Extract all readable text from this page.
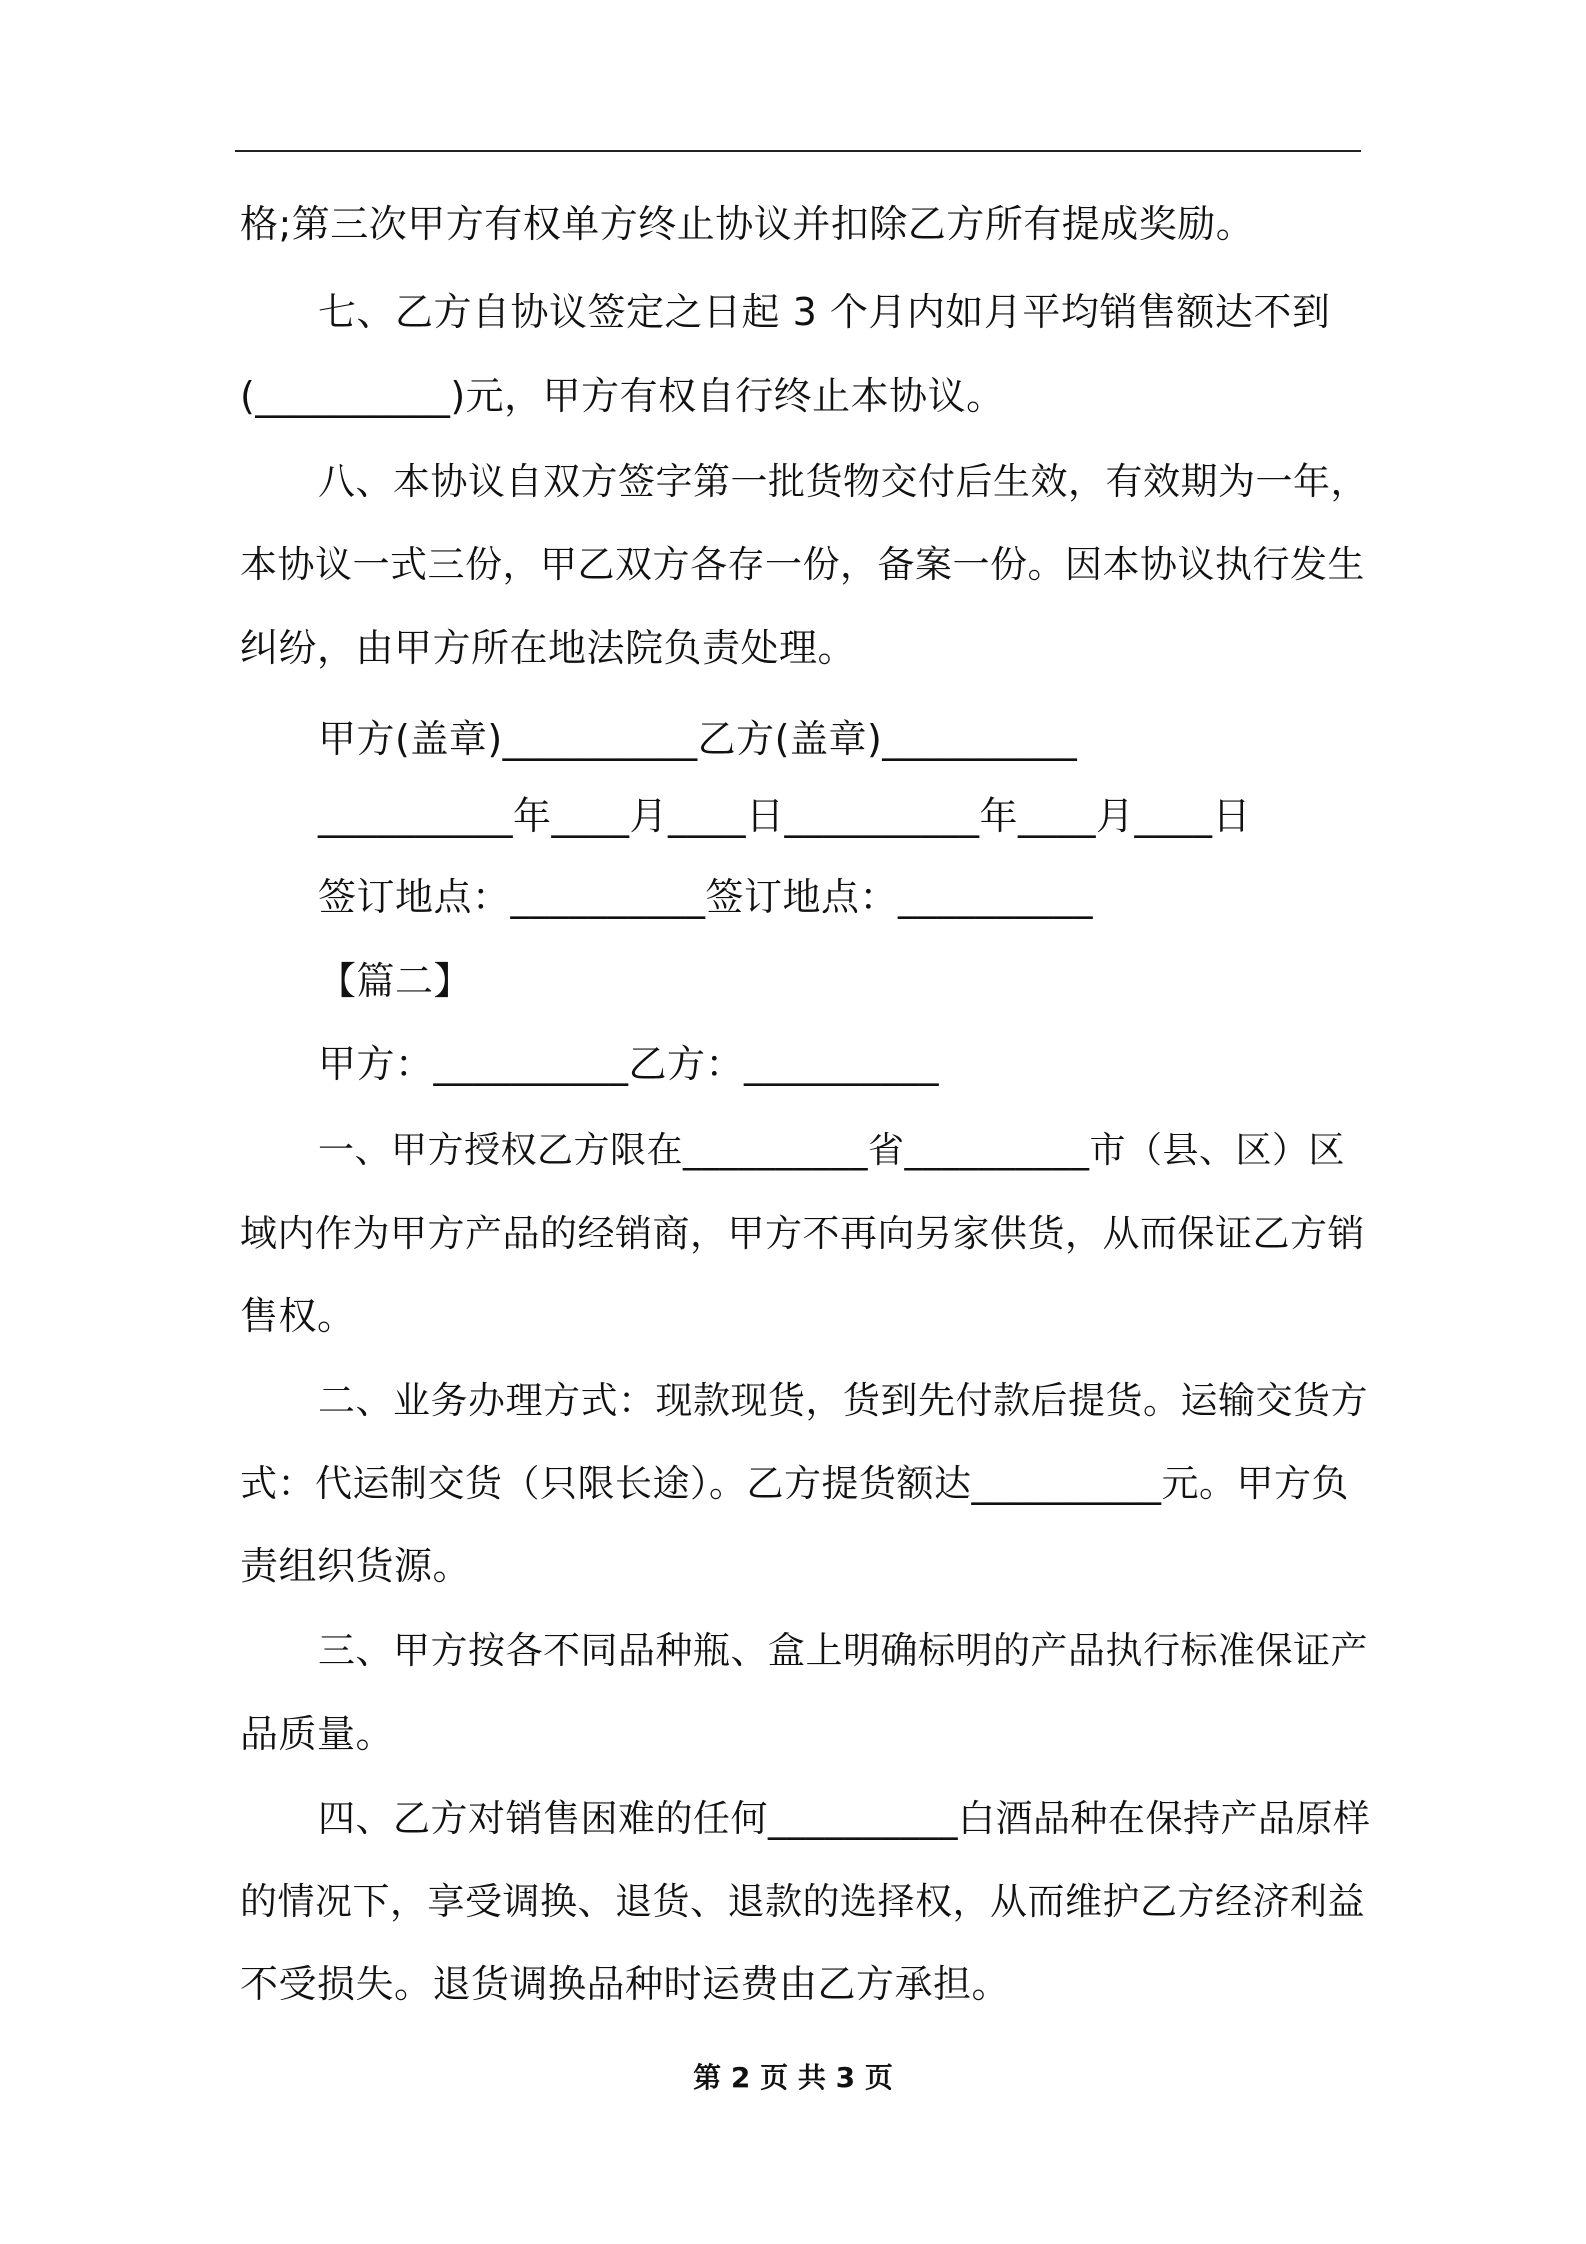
格;第三次甲方有权单方终止协议并扣除乙方所有提成奖励。
七、乙方自协议签定之日起 3 个月内如月平均销售额达不到
(__________)元，甲方有权自行终止本协议。
八、本协议自双方签字第一批货物交付后生效，有效期为一年，
本协议一式三份，甲乙双方各存一份，备案一份。因本协议执行发生
纠纷，由甲方所在地法院负责处理。
甲方(盖章)__________乙方(盖章)__________
__________年____月____日__________年____月____日
签订地点：__________签订地点：__________
【篇二】
甲方：__________乙方：__________
一、甲方授权乙方限在__________省__________市（县、区）区
域内作为甲方产品的经销商，甲方不再向另家供货，从而保证乙方销
售权。
二、业务办理方式：现款现货，货到先付款后提货。运输交货方
式：代运制交货（只限长途）。乙方提货额达__________元。甲方负
责组织货源。
三、甲方按各不同品种瓶、盒上明确标明的产品执行标准保证产
品质量。
四、乙方对销售困难的任何__________白酒品种在保持产品原样
的情况下，享受调换、退货、退款的选择权，从而维护乙方经济利益
不受损失。退货调换品种时运费由乙方承担。
第 2 页 共 3 页
